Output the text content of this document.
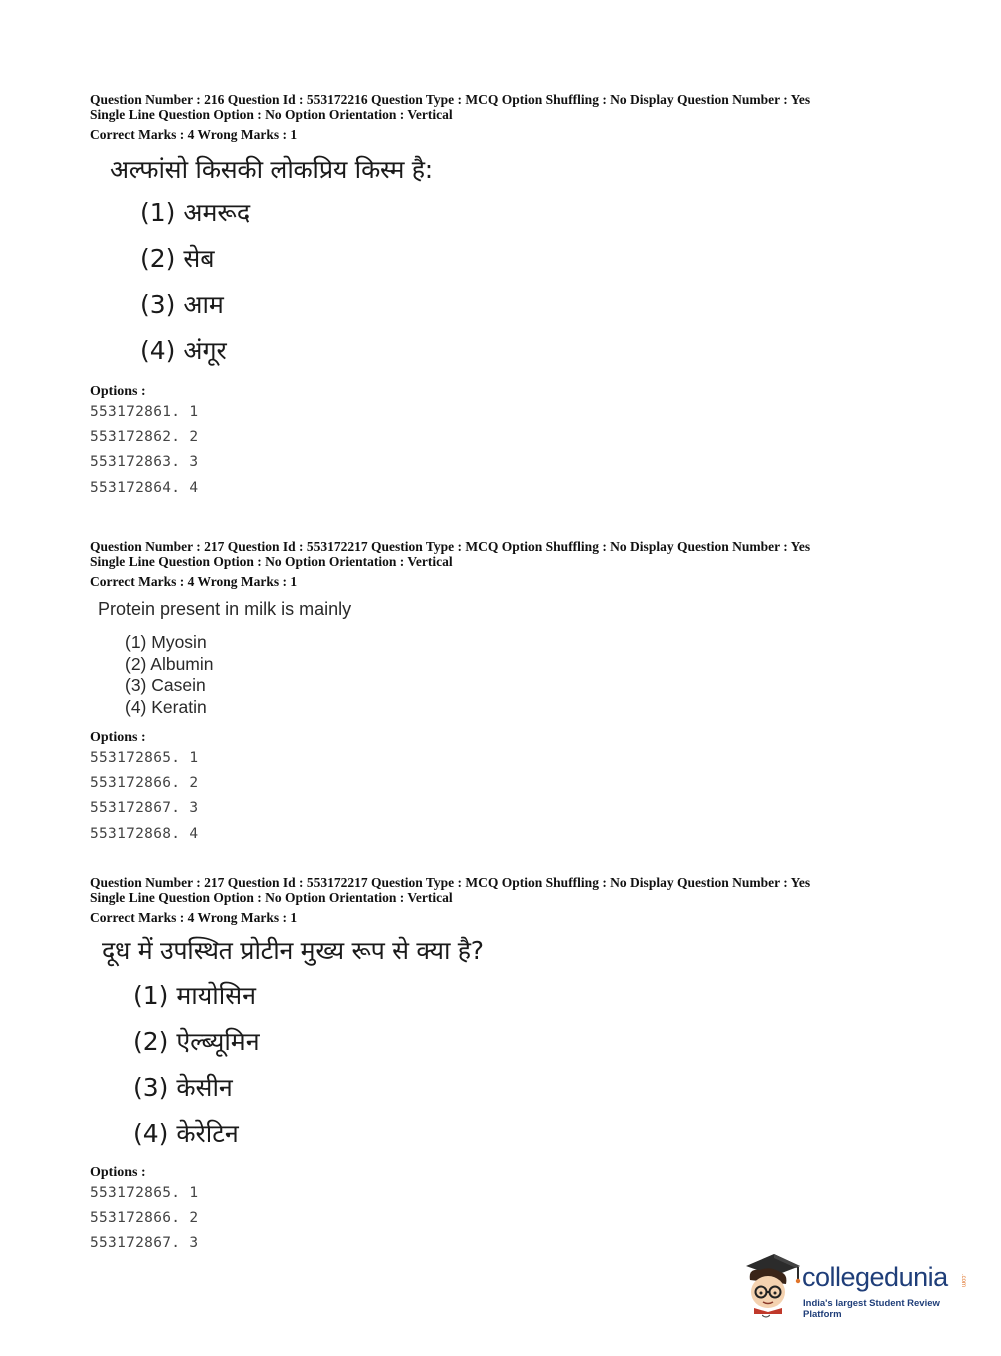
Question Number : 216 Question Id : 553172216 Question Type : MCQ Option Shuffling : No Display Question Number : Yes
Single Line Question Option : No Option Orientation : Vertical
Correct Marks : 4 Wrong Marks : 1
अल्फांसो किसकी लोकप्रिय किस्म है:
(1) अमरूद
(2) सेब
(3) आम
(4) अंगूर
Options :
553172861. 1
553172862. 2
553172863. 3
553172864. 4
Question Number : 217 Question Id : 553172217 Question Type : MCQ Option Shuffling : No Display Question Number : Yes
Single Line Question Option : No Option Orientation : Vertical
Correct Marks : 4 Wrong Marks : 1
Protein present in milk is mainly
(1) Myosin
(2) Albumin
(3) Casein
(4) Keratin
Options :
553172865. 1
553172866. 2
553172867. 3
553172868. 4
Question Number : 217 Question Id : 553172217 Question Type : MCQ Option Shuffling : No Display Question Number : Yes
Single Line Question Option : No Option Orientation : Vertical
Correct Marks : 4 Wrong Marks : 1
दूध में उपस्थित प्रोटीन मुख्य रूप से क्या है?
(1) मायोसिन
(2) ऐल्ब्यूमिन
(3) केसीन
(4) केरेटिन
Options :
553172865. 1
553172866. 2
553172867. 3
collegedunia .com
India's largest Student Review Platform
